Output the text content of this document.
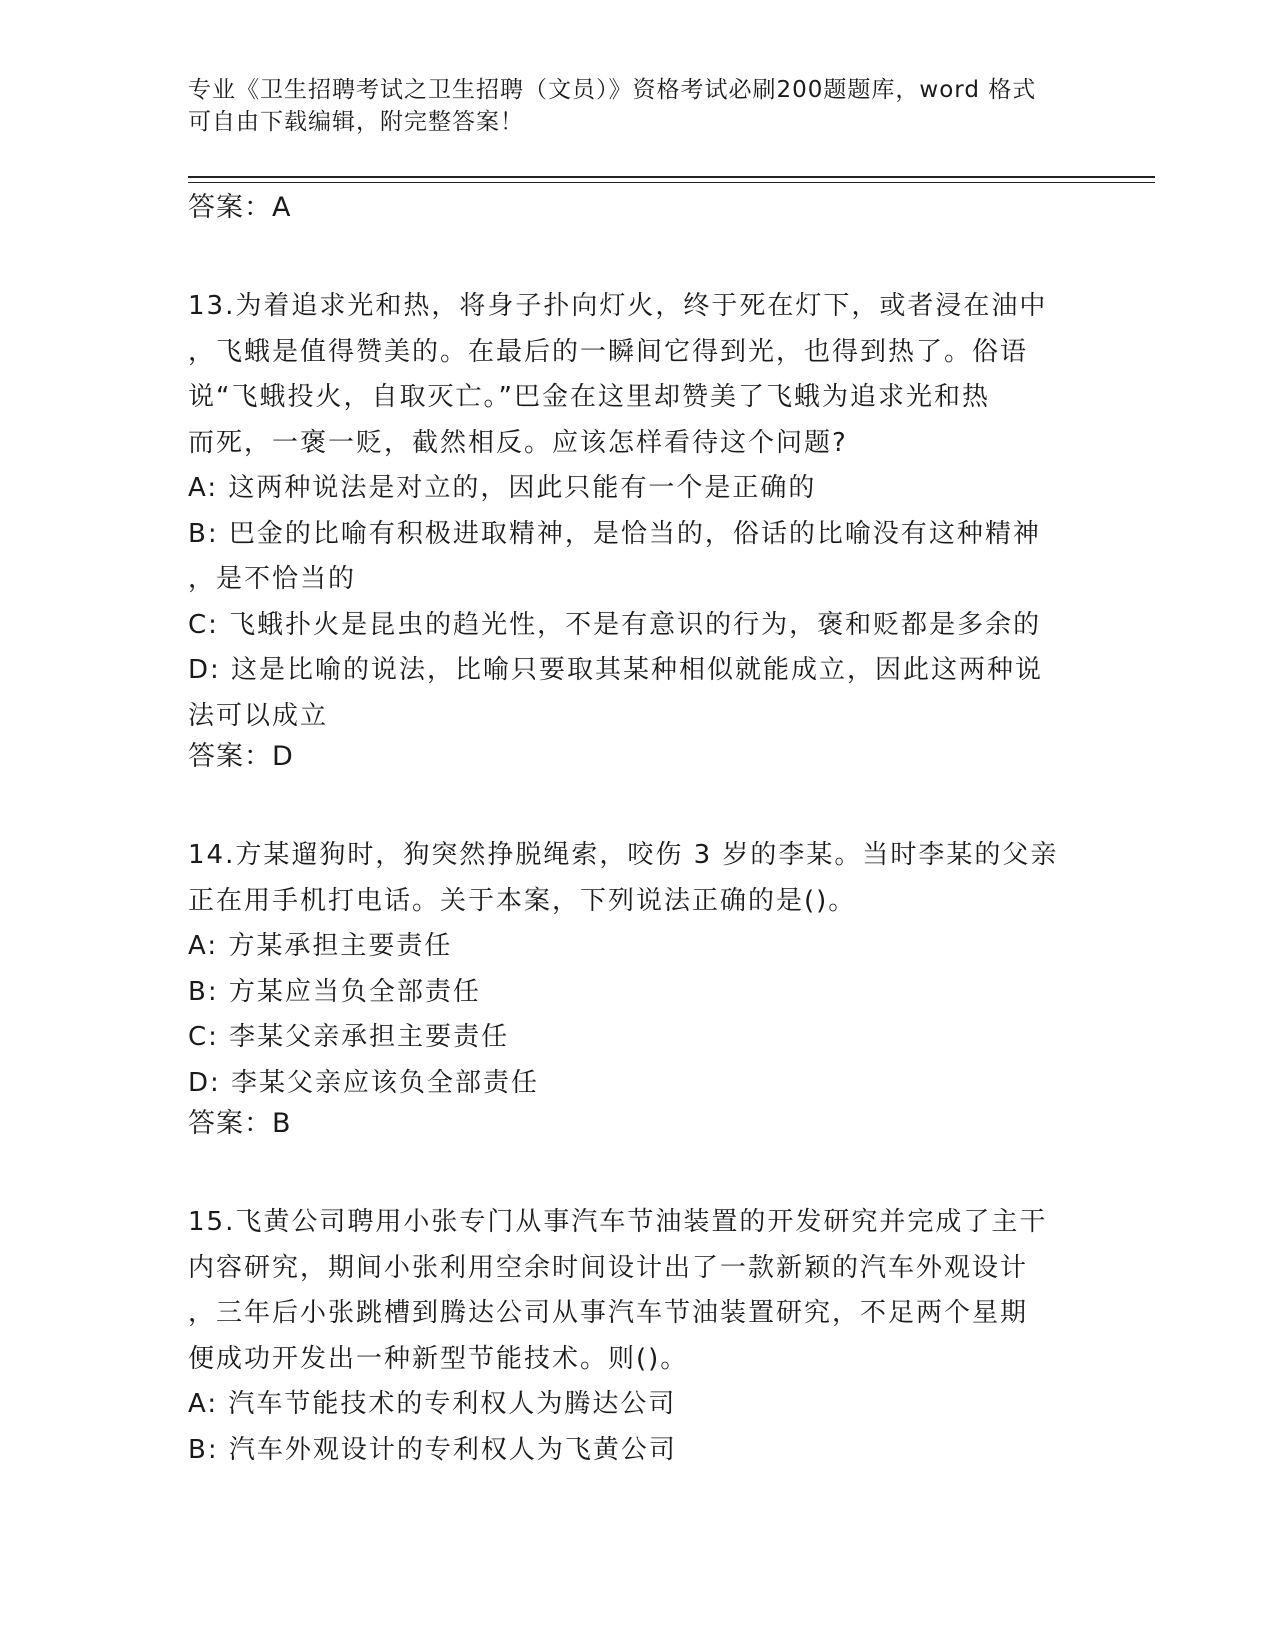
专业《卫生招聘考试之卫生招聘（文员）》资格考试必刷200题题库，word 格式
可自由下载编辑，附完整答案！

答案：A

13.为着追求光和热，将身子扑向灯火，终于死在灯下，或者浸在油中

，飞蛾是值得赞美的。在最后的一瞬间它得到光，也得到热了。俗语

说“飞蛾投火，自取灭亡。”巴金在这里却赞美了飞蛾为追求光和热

而死，一褒一贬，截然相反。应该怎样看待这个问题?

A: 这两种说法是对立的，因此只能有一个是正确的

B: 巴金的比喻有积极进取精神，是恰当的，俗话的比喻没有这种精神

，是不恰当的

C: 飞蛾扑火是昆虫的趋光性，不是有意识的行为，褒和贬都是多余的

D: 这是比喻的说法，比喻只要取其某种相似就能成立，因此这两种说

法可以成立

答案：D

14.方某遛狗时，狗突然挣脱绳索，咬伤 3 岁的李某。当时李某的父亲

正在用手机打电话。关于本案，下列说法正确的是()。

A: 方某承担主要责任

B: 方某应当负全部责任

C: 李某父亲承担主要责任

D: 李某父亲应该负全部责任

答案：B

15.飞黄公司聘用小张专门从事汽车节油装置的开发研究并完成了主干

内容研究，期间小张利用空余时间设计出了一款新颖的汽车外观设计

，三年后小张跳槽到腾达公司从事汽车节油装置研究，不足两个星期

便成功开发出一种新型节能技术。则()。

A: 汽车节能技术的专利权人为腾达公司

B: 汽车外观设计的专利权人为飞黄公司
